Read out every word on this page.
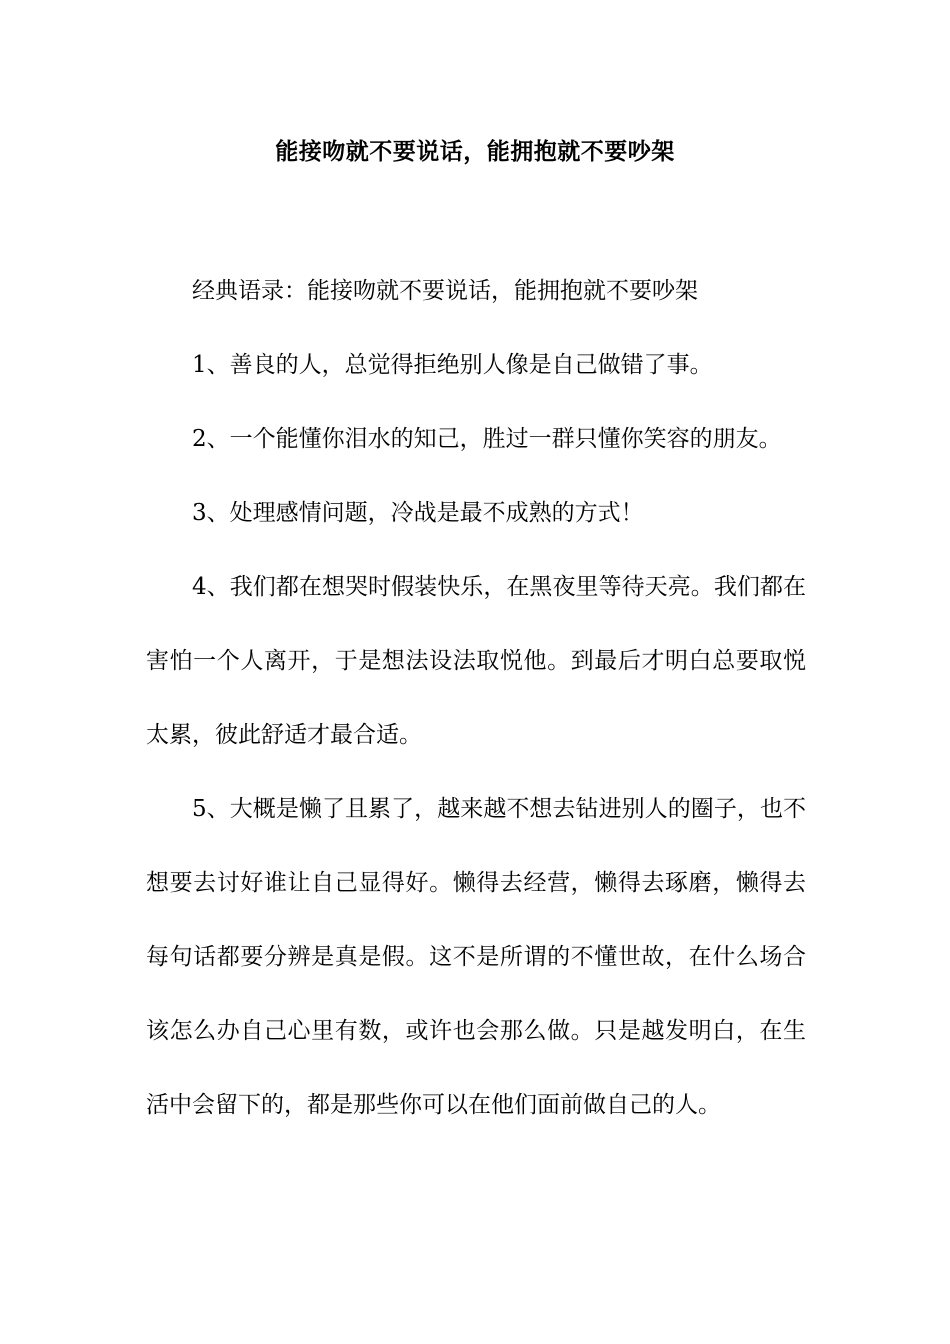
能接吻就不要说话，能拥抱就不要吵架

经典语录：能接吻就不要说话，能拥抱就不要吵架

1、善良的人，总觉得拒绝别人像是自己做错了事。

2、一个能懂你泪水的知己，胜过一群只懂你笑容的朋友。

3、处理感情问题，冷战是最不成熟的方式！

4、我们都在想哭时假装快乐，在黑夜里等待天亮。我们都在害怕一个人离开，于是想法设法取悦他。到最后才明白总要取悦太累，彼此舒适才最合适。

5、大概是懒了且累了，越来越不想去钻进别人的圈子，也不想要去讨好谁让自己显得好。懒得去经营，懒得去琢磨，懒得去每句话都要分辨是真是假。这不是所谓的不懂世故，在什么场合该怎么办自己心里有数，或许也会那么做。只是越发明白，在生活中会留下的，都是那些你可以在他们面前做自己的人。
